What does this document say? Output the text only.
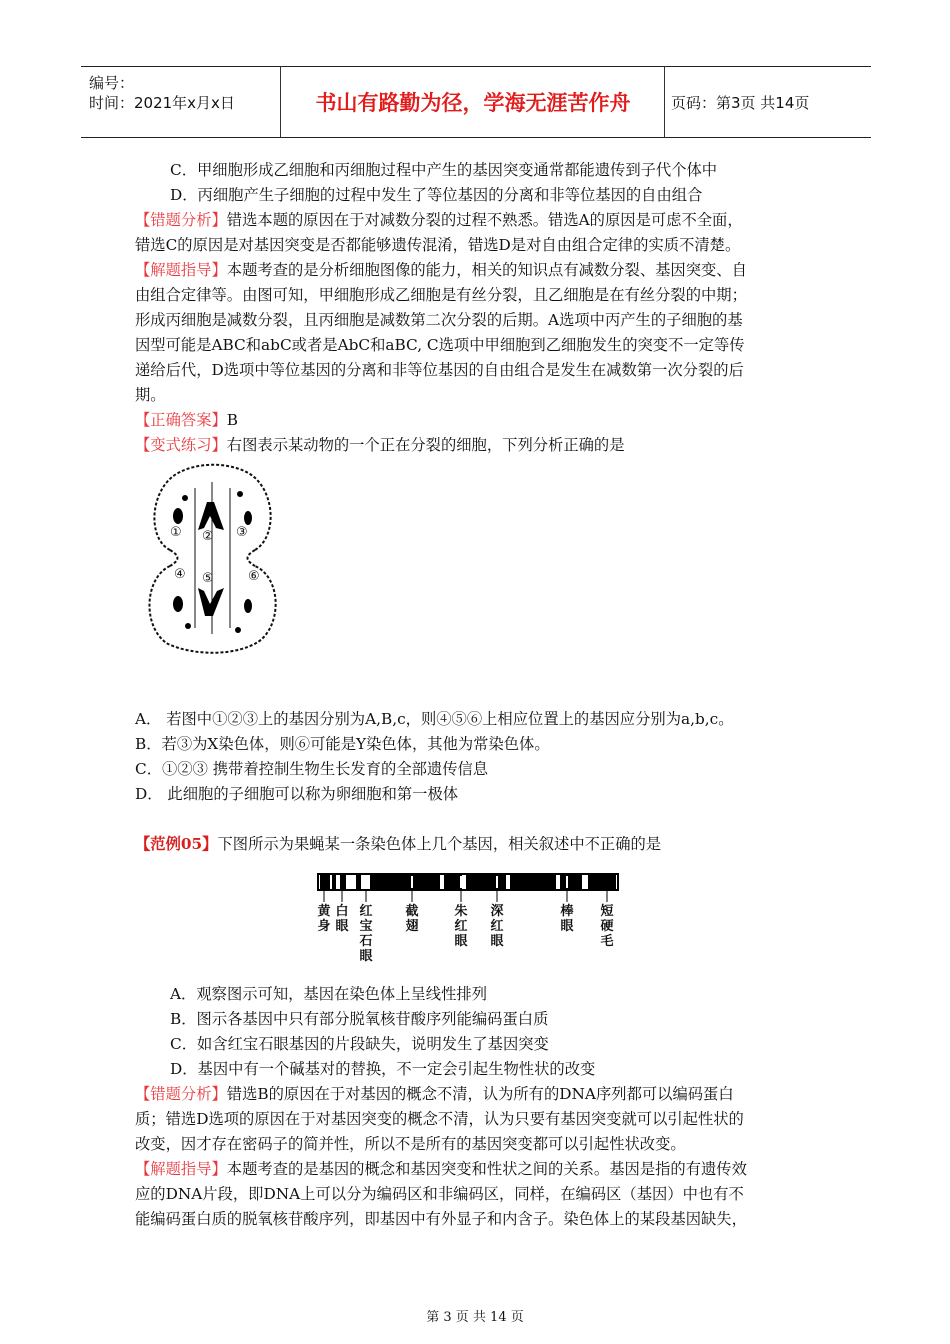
编号：
时间：2021年x月x日	书山有路勤为径，学海无涯苦作舟	页码：第3页 共14页
C．甲细胞形成乙细胞和丙细胞过程中产生的基因突变通常都能遗传到子代个体中
D．丙细胞产生子细胞的过程中发生了等位基因的分离和非等位基因的自由组合
【错题分析】错选本题的原因在于对减数分裂的过程不熟悉。错选A的原因是可虑不全面，
错选C的原因是对基因突变是否都能够遗传混淆，错选D是对自由组合定律的实质不清楚。
【解题指导】本题考查的是分析细胞图像的能力，相关的知识点有减数分裂、基因突变、自
由组合定律等。由图可知，甲细胞形成乙细胞是有丝分裂，且乙细胞是在有丝分裂的中期；
形成丙细胞是减数分裂，且丙细胞是减数第二次分裂的后期。A选项中丙产生的子细胞的基
因型可能是ABC和abC或者是AbC和aBC, C选项中甲细胞到乙细胞发生的突变不一定等传
递给后代，D选项中等位基因的分离和非等位基因的自由组合是发生在减数第一次分裂的后
期。
【正确答案】B
【变式练习】右图表示某动物的一个正在分裂的细胞，下列分析正确的是
① ② ③
④ ⑤	⑥
A． 若图中①②③上的基因分别为A,B,c，则④⑤⑥上相应位置上的基因应分别为a,b,c。
B．若③为X染色体，则⑥可能是Y染色体，其他为常染色体。
C．①②③ 携带着控制生物生长发育的全部遗传信息
D． 此细胞的子细胞可以称为卵细胞和第一极体
【范例05】下图所示为果蝇某一条染色体上几个基因，相关叙述中不正确的是
黄身
白眼
红宝石眼
截翅
朱红眼
深红眼
棒眼
短硬毛
A．观察图示可知，基因在染色体上呈线性排列
B．图示各基因中只有部分脱氧核苷酸序列能编码蛋白质
C．如含红宝石眼基因的片段缺失，说明发生了基因突变
D．基因中有一个碱基对的替换，不一定会引起生物性状的改变
【错题分析】错选B的原因在于对基因的概念不清，认为所有的DNA序列都可以编码蛋白
质；错选D选项的原因在于对基因突变的概念不清，认为只要有基因突变就可以引起性状的
改变，因才存在密码子的简并性，所以不是所有的基因突变都可以引起性状改变。
【解题指导】本题考查的是基因的概念和基因突变和性状之间的关系。基因是指的有遗传效
应的DNA片段，即DNA上可以分为编码区和非编码区，同样，在编码区（基因）中也有不
能编码蛋白质的脱氧核苷酸序列，即基因中有外显子和内含子。染色体上的某段基因缺失，
第 3 页 共 14 页
